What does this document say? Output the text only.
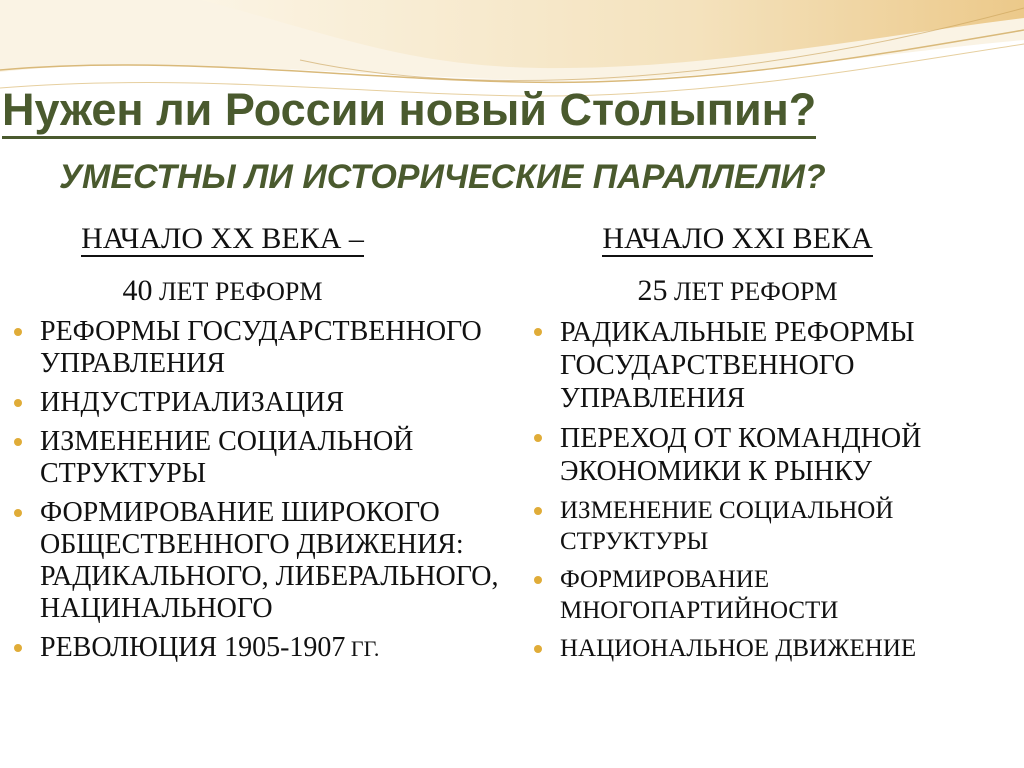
Нужен ли России новый Столыпин?
УМЕСТНЫ ЛИ ИСТОРИЧЕСКИЕ ПАРАЛЛЕЛИ?
НАЧАЛО ХХ ВЕКА –
40 ЛЕТ РЕФОРМ
РЕФОРМЫ ГОСУДАРСТВЕННОГО УПРАВЛЕНИЯ
ИНДУСТРИАЛИЗАЦИЯ
ИЗМЕНЕНИЕ СОЦИАЛЬНОЙ СТРУКТУРЫ
ФОРМИРОВАНИЕ ШИРОКОГО ОБЩЕСТВЕННОГО ДВИЖЕНИЯ: РАДИКАЛЬНОГО, ЛИБЕРАЛЬНОГО, НАЦИНАЛЬНОГО
РЕВОЛЮЦИЯ 1905-1907 ГГ.
НАЧАЛО ХХI ВЕКА
25 ЛЕТ РЕФОРМ
РАДИКАЛЬНЫЕ РЕФОРМЫ ГОСУДАРСТВЕННОГО УПРАВЛЕНИЯ
ПЕРЕХОД ОТ КОМАНДНОЙ ЭКОНОМИКИ К РЫНКУ
ИЗМЕНЕНИЕ СОЦИАЛЬНОЙ СТРУКТУРЫ
ФОРМИРОВАНИЕ МНОГОПАРТИЙНОСТИ
НАЦИОНАЛЬНОЕ ДВИЖЕНИЕ
